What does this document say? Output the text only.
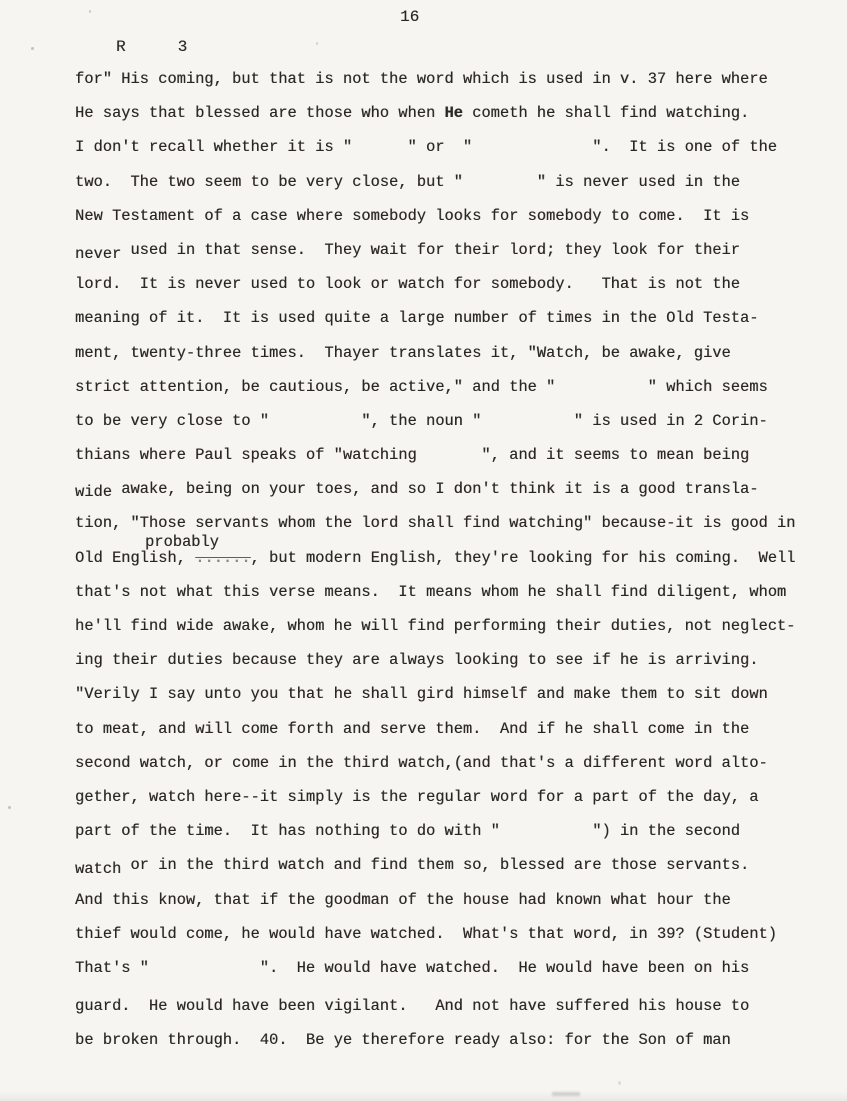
16
R	3
for" His coming, but that is not the word which is used in v. 37 here where
He says that blessed are those who when He cometh he shall find watching.
I don't recall whether it is "      " or  "             ".  It is one of the
two.  The two seem to be very close, but "        " is never used in the
New Testament of a case where somebody looks for somebody to come.  It is
never used in that sense.  They wait for their lord; they look for their
lord.  It is never used to look or watch for somebody.   That is not the
meaning of it.  It is used quite a large number of times in the Old Testa-
ment, twenty-three times.  Thayer translates it, "Watch, be awake, give
strict attention, be cautious, be active," and the "          " which seems
to be very close to "          ", the noun "          " is used in 2 Corin-
thians where Paul speaks of "watching       ", and it seems to mean being
wide awake, being on your toes, and so I don't think it is a good transla-
tion, "Those servants whom the lord shall find watching" because-it is good in
Old English, ......, but modern English, they're looking for his coming.  Well
probably
that's not what this verse means.  It means whom he shall find diligent, whom
he'll find wide awake, whom he will find performing their duties, not neglect-
ing their duties because they are always looking to see if he is arriving.
"Verily I say unto you that he shall gird himself and make them to sit down
to meat, and will come forth and serve them.  And if he shall come in the
second watch, or come in the third watch,(and that's a different word alto-
gether, watch here--it simply is the regular word for a part of the day, a
part of the time.  It has nothing to do with "          ") in the second
watch or in the third watch and find them so, blessed are those servants.
And this know, that if the goodman of the house had known what hour the
thief would come, he would have watched.  What's that word, in 39? (Student)
That's "            ".  He would have watched.  He would have been on his
guard.  He would have been vigilant.   And not have suffered his house to
be broken through.  40.  Be ye therefore ready also: for the Son of man
